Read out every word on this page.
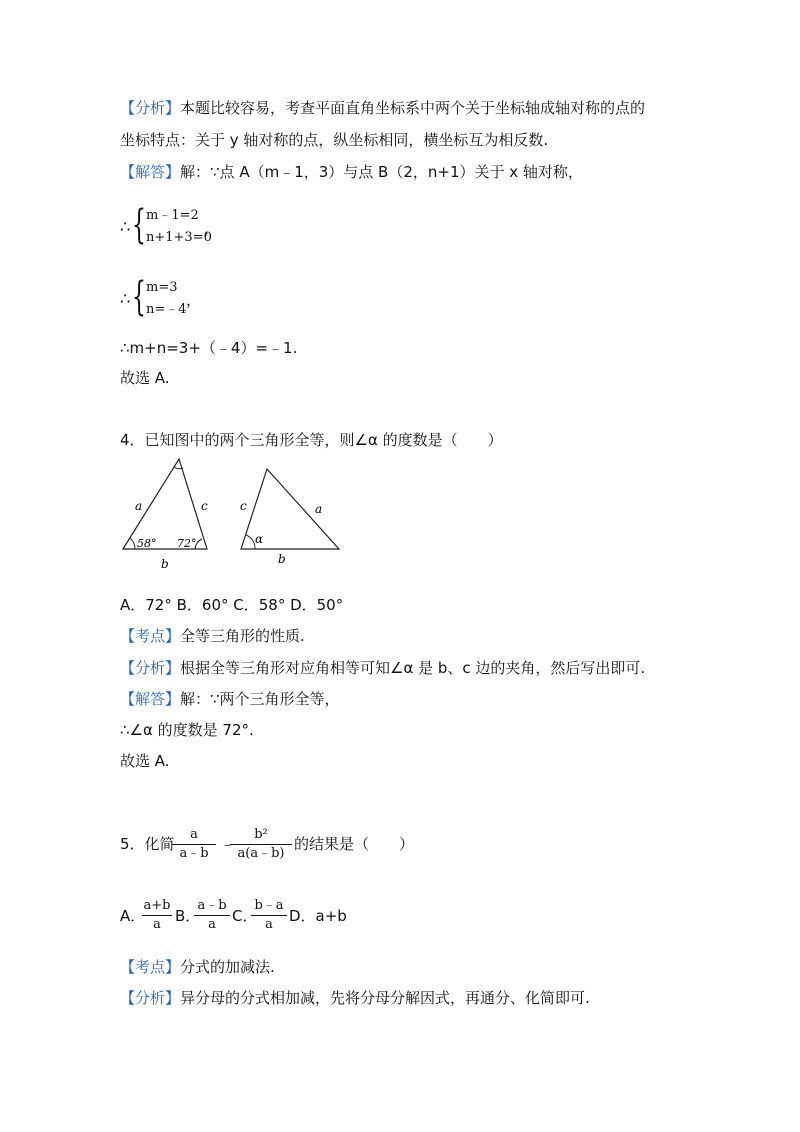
【分析】本题比较容易，考查平面直角坐标系中两个关于坐标轴成轴对称的点的
坐标特点：关于 y 轴对称的点，纵坐标相同，横坐标互为相反数.
【解答】解：∵点 A（m﹣1，3）与点 B（2，n+1）关于 x 轴对称，
∴ { m﹣1=2
n+1+3=0
，
∴ { m=3
n=﹣4
，
∴m+n=3+（﹣4）=﹣1.
故选 A.
4．已知图中的两个三角形全等，则∠α 的度数是（　　）
a	c
b
58° 72°
c	a
b
α
A．72° B．60° C．58° D．50°
【考点】全等三角形的性质.
【分析】根据全等三角形对应角相等可知∠α 是 b、c 边的夹角，然后写出即可.
【解答】解：∵两个三角形全等，
∴∠α 的度数是 72°.
故选 A.
5．化简
a
a﹣b
﹣
b²
a(a﹣b)
的结果是（　　）
A．
a+b
a B．
a﹣b
a	C．
b﹣a
a	D．a+b
【考点】分式的加减法.
【分析】异分母的分式相加减，先将分母分解因式，再通分、化简即可.
